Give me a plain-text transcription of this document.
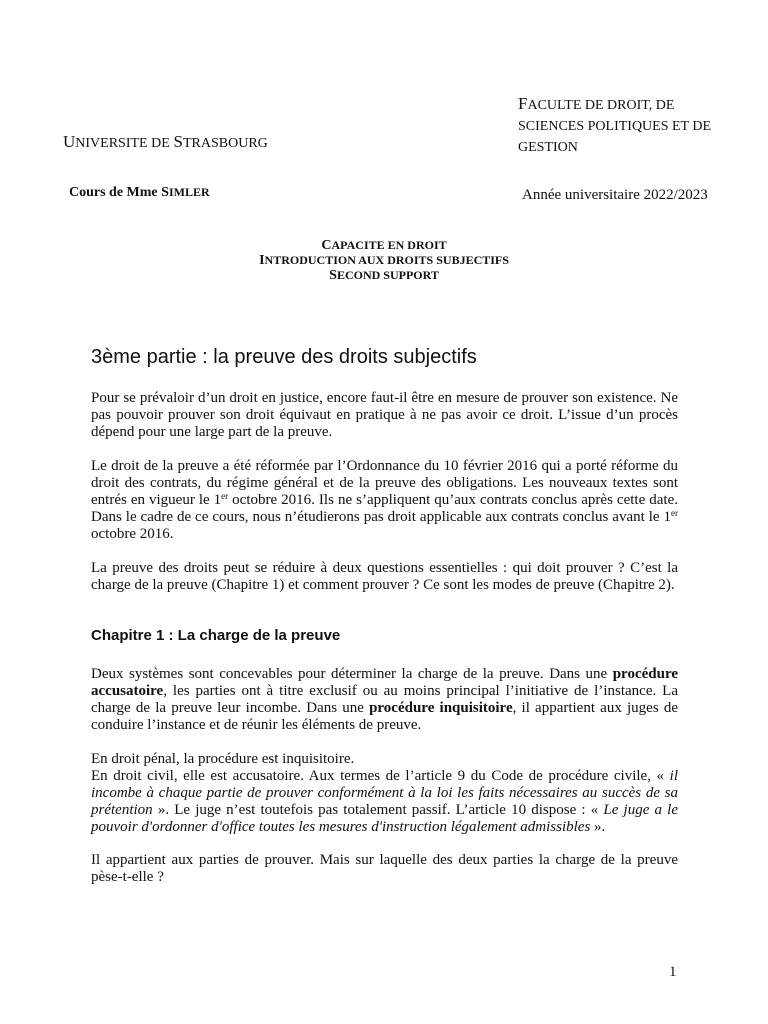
FACULTE DE DROIT, DE
SCIENCES POLITIQUES ET DE
GESTION
UNIVERSITE DE STRASBOURG
Cours de Mme SIMLER	Année universitaire 2022/2023
CAPACITE EN DROIT
INTRODUCTION AUX DROITS SUBJECTIFS
SECOND SUPPORT
3ème partie : la preuve des droits subjectifs
Pour se prévaloir d’un droit en justice, encore faut-il être en mesure de prouver son existence. Ne pas pouvoir prouver son droit équivaut en pratique à ne pas avoir ce droit. L’issue d’un procès dépend pour une large part de la preuve.
Le droit de la preuve a été réformée par l’Ordonnance du 10 février 2016 qui a porté réforme du droit des contrats, du régime général et de la preuve des obligations. Les nouveaux textes sont entrés en vigueur le 1er octobre 2016. Ils ne s’appliquent qu’aux contrats conclus après cette date. Dans le cadre de ce cours, nous n’étudierons pas droit applicable aux contrats conclus avant le 1er octobre 2016.
La preuve des droits peut se réduire à deux questions essentielles : qui doit prouver ? C’est la charge de la preuve (Chapitre 1) et comment prouver ? Ce sont les modes de preuve (Chapitre 2).
Chapitre 1 : La charge de la preuve
Deux systèmes sont concevables pour déterminer la charge de la preuve. Dans une procédure accusatoire, les parties ont à titre exclusif ou au moins principal l’initiative de l’instance. La charge de la preuve leur incombe. Dans une procédure inquisitoire, il appartient aux juges de conduire l’instance et de réunir les éléments de preuve.
En droit pénal, la procédure est inquisitoire.
En droit civil, elle est accusatoire. Aux termes de l’article 9 du Code de procédure civile, « il incombe à chaque partie de prouver conformément à la loi les faits nécessaires au succès de sa prétention ». Le juge n’est toutefois pas totalement passif. L’article 10 dispose : « Le juge a le pouvoir d'ordonner d'office toutes les mesures d'instruction légalement admissibles ».
Il appartient aux parties de prouver. Mais sur laquelle des deux parties la charge de la preuve pèse-t-elle ?
1
